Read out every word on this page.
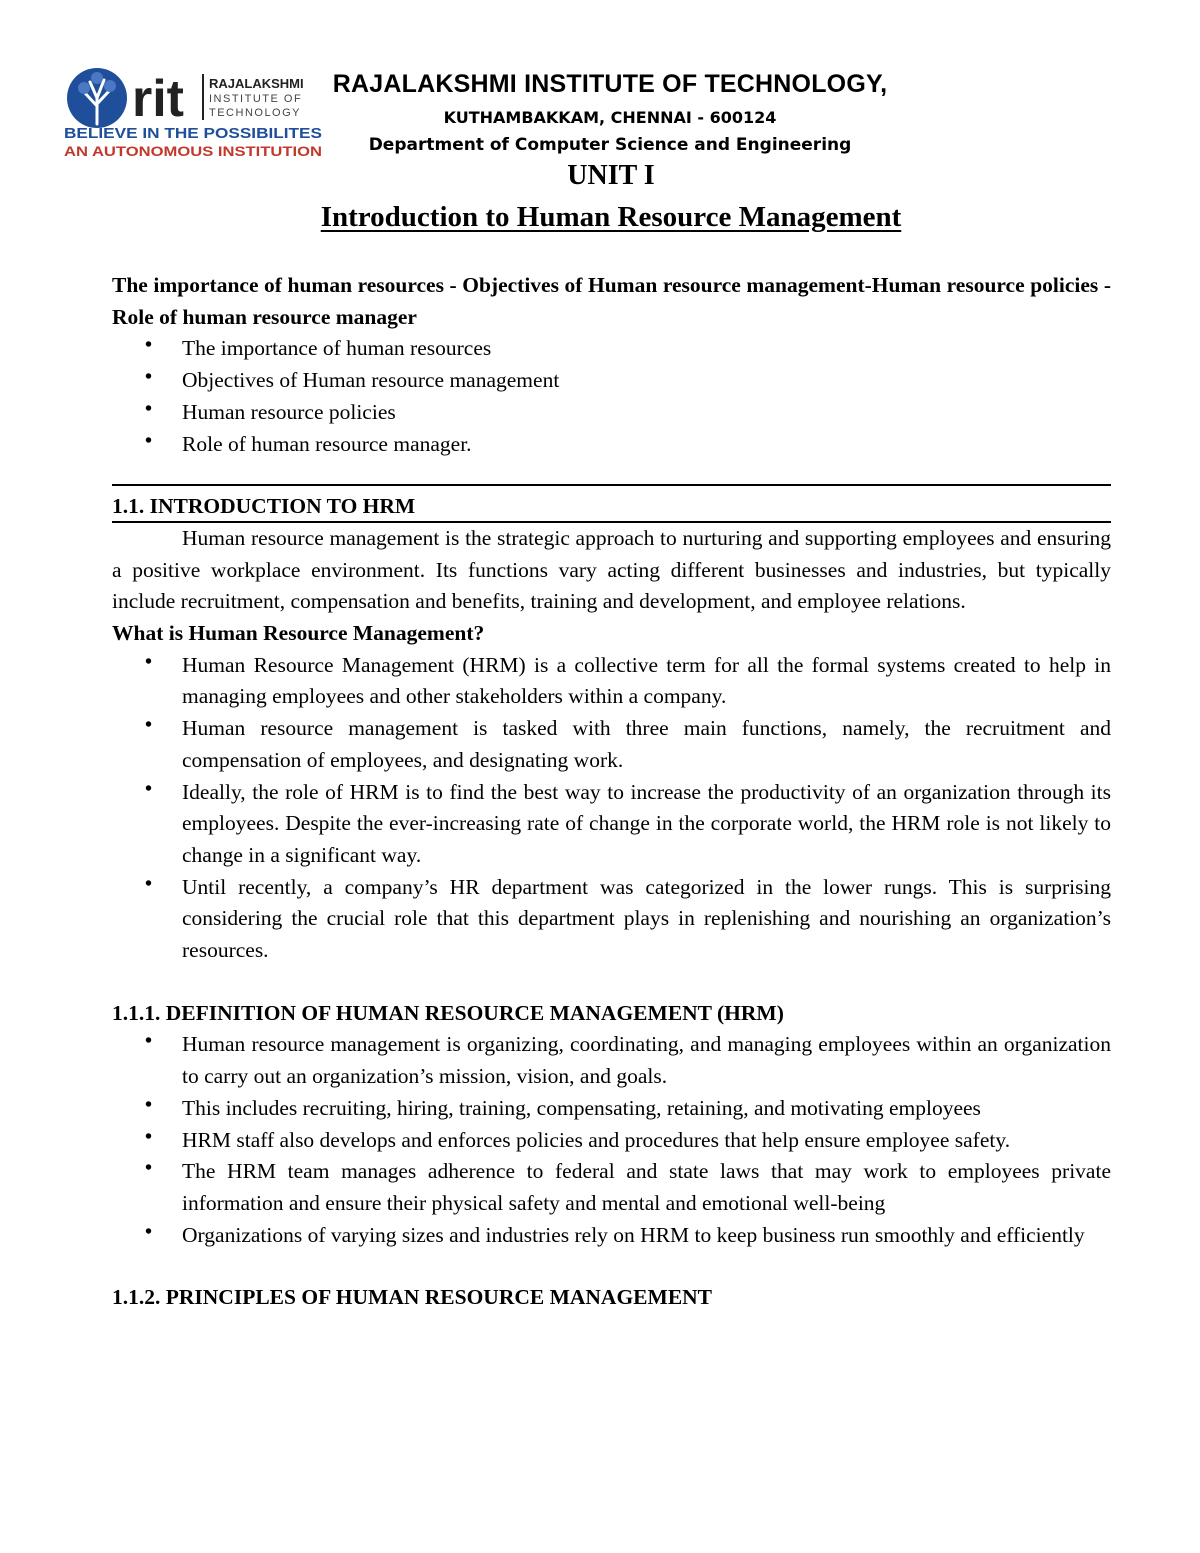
rit RAJALAKSHMI
INSTITUTE OF
TECHNOLOGY
BELIEVE IN THE POSSIBILITES
AN AUTONOMOUS INSTITUTION
RAJALAKSHMI INSTITUTE OF TECHNOLOGY,
KUTHAMBAKKAM, CHENNAI - 600124
Department of Computer Science and Engineering
UNIT I
Introduction to Human Resource Management
The importance of human resources - Objectives of Human resource management-Human resource policies - Role of human resource manager
• The importance of human resources
• Objectives of Human resource management
• Human resource policies
• Role of human resource manager.
1.1. INTRODUCTION TO HRM
Human resource management is the strategic approach to nurturing and supporting employees and ensuring a positive workplace environment. Its functions vary acting different businesses and industries, but typically include recruitment, compensation and benefits, training and development, and employee relations.
What is Human Resource Management?
• Human Resource Management (HRM) is a collective term for all the formal systems created to help in managing employees and other stakeholders within a company.
• Human resource management is tasked with three main functions, namely, the recruitment and compensation of employees, and designating work.
• Ideally, the role of HRM is to find the best way to increase the productivity of an organization through its employees. Despite the ever-increasing rate of change in the corporate world, the HRM role is not likely to change in a significant way.
• Until recently, a company’s HR department was categorized in the lower rungs. This is surprising considering the crucial role that this department plays in replenishing and nourishing an organization’s resources.
1.1.1. DEFINITION OF HUMAN RESOURCE MANAGEMENT (HRM)
• Human resource management is organizing, coordinating, and managing employees within an organization to carry out an organization’s mission, vision, and goals.
• This includes recruiting, hiring, training, compensating, retaining, and motivating employees
• HRM staff also develops and enforces policies and procedures that help ensure employee safety.
• The HRM team manages adherence to federal and state laws that may work to employees private information and ensure their physical safety and mental and emotional well-being
• Organizations of varying sizes and industries rely on HRM to keep business run smoothly and efficiently
1.1.2. PRINCIPLES OF HUMAN RESOURCE MANAGEMENT
